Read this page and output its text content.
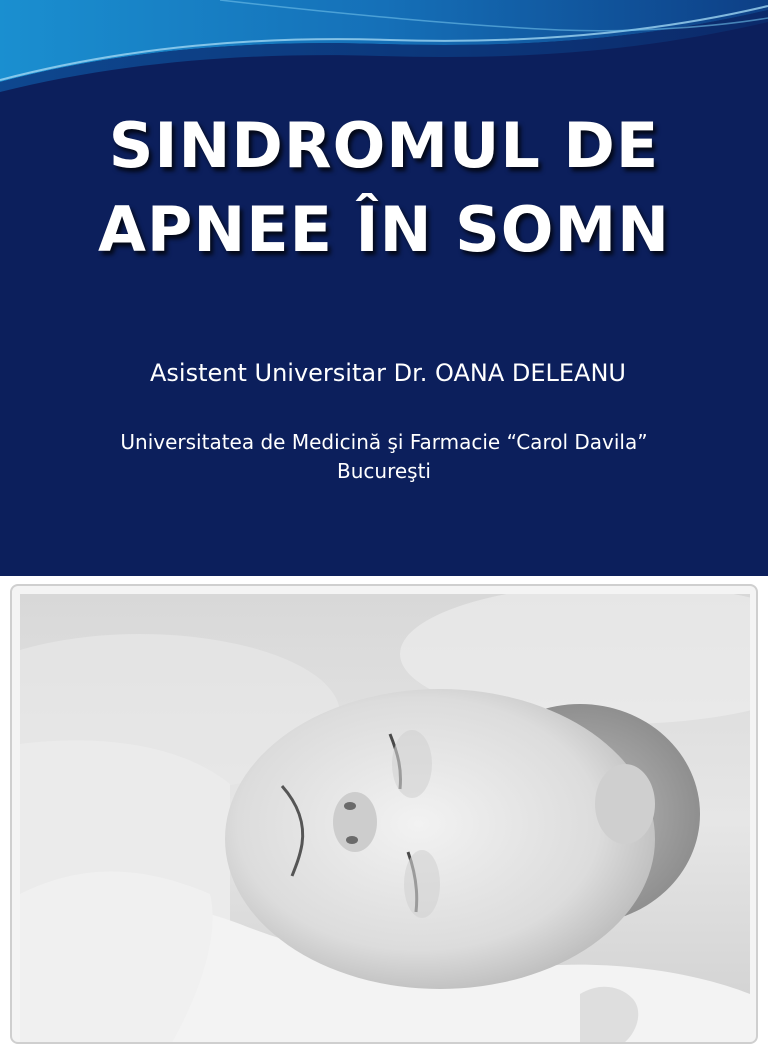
SINDROMUL DE
APNEE ÎN SOMN
Asistent Universitar Dr. OANA DELEANU
Universitatea de Medicină şi Farmacie “Carol Davila”
Bucureşti
